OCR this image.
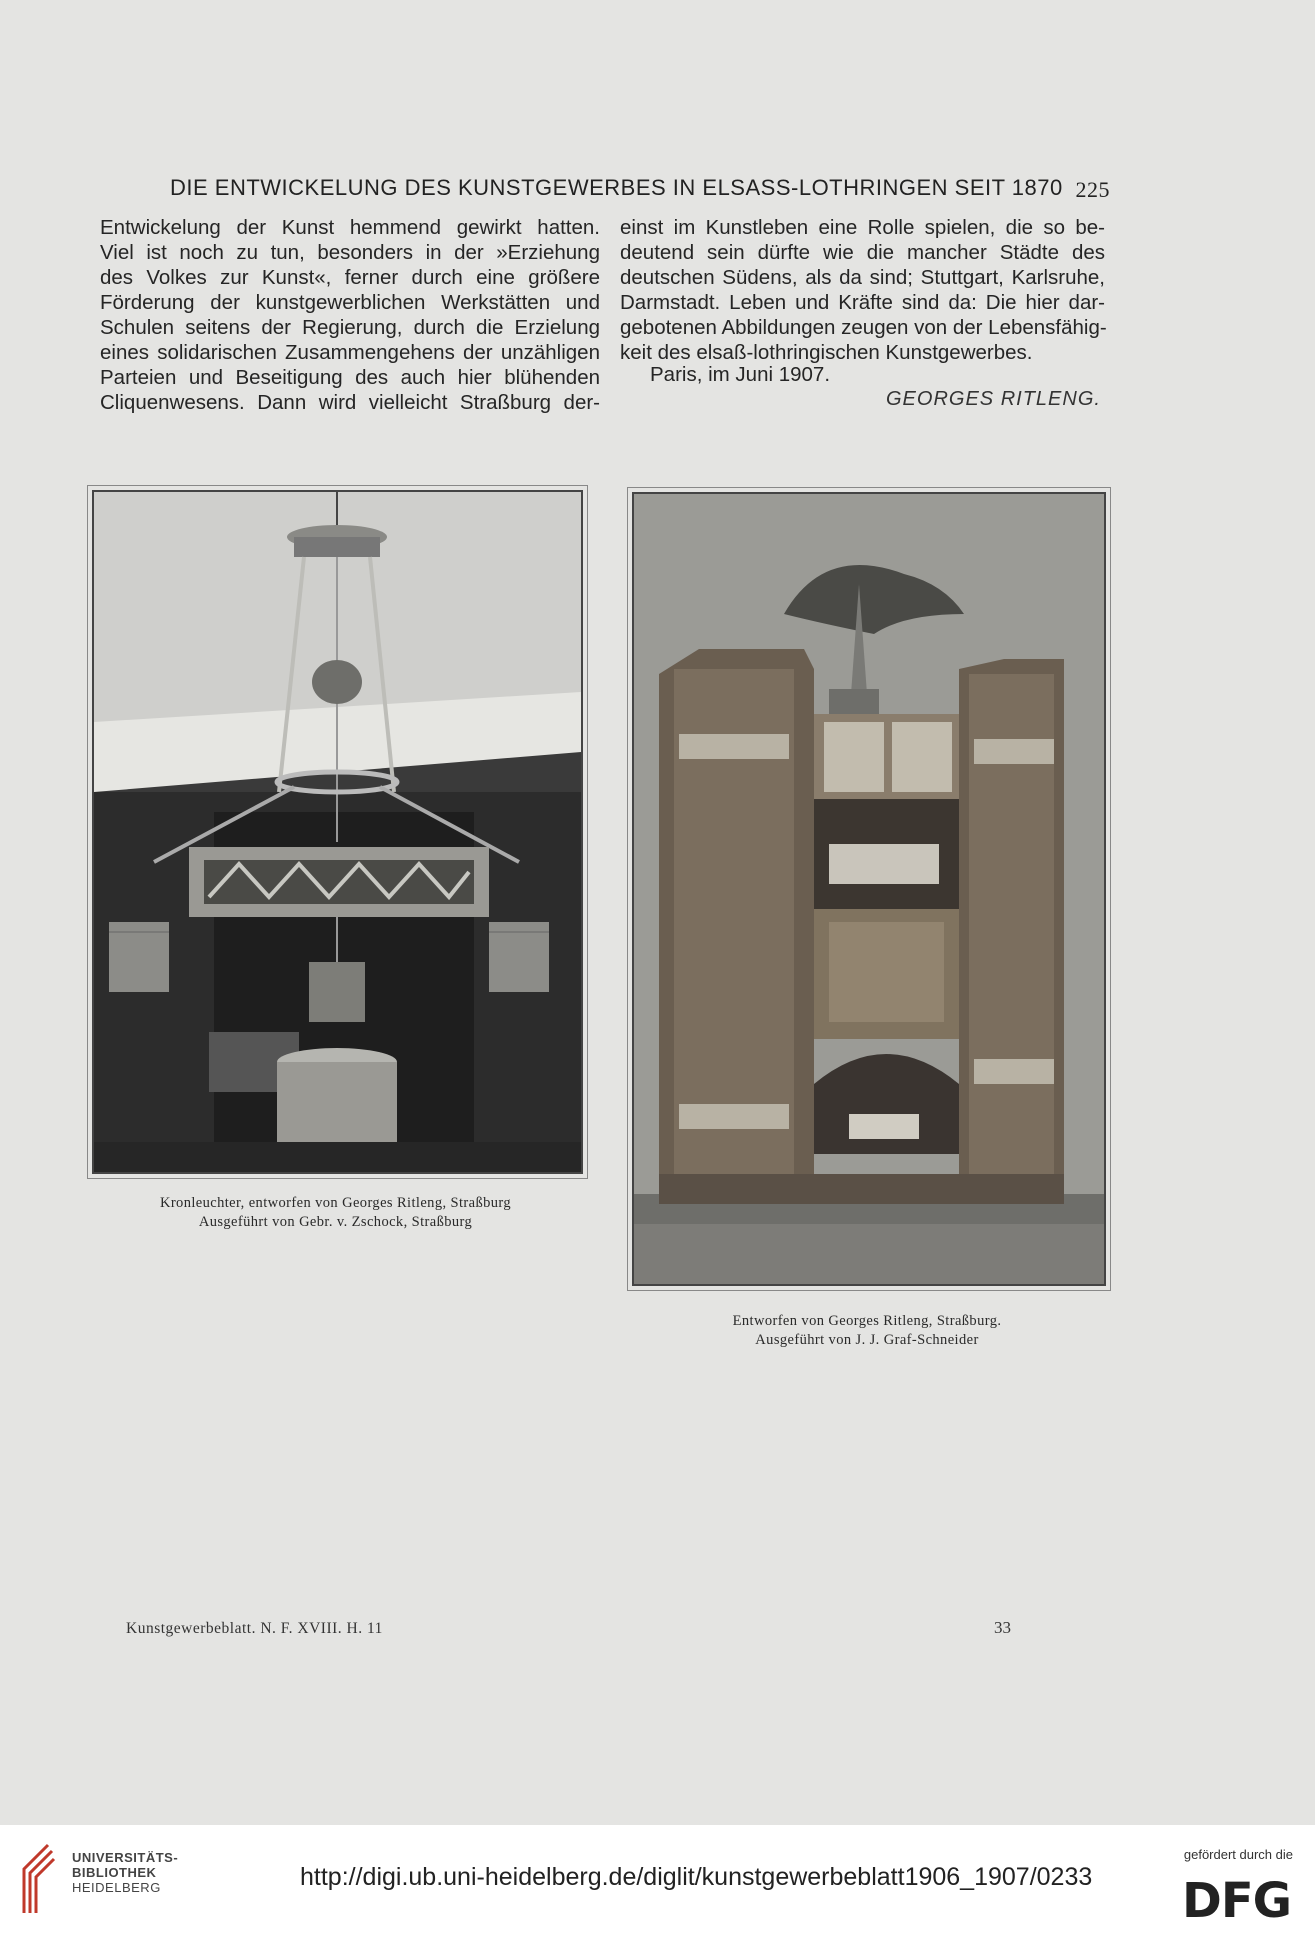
DIE ENTWICKELUNG DES KUNSTGEWERBES IN ELSASS-LOTHRINGEN SEIT 1870 225
Entwickelung der Kunst hemmend gewirkt hatten.
Viel ist noch zu tun, besonders in der »Erziehung
des Volkes zur Kunst«, ferner durch eine größere
Förderung der kunstgewerblichen Werkstätten und
Schulen seitens der Regierung, durch die Erzielung
eines solidarischen Zusammengehens der unzähligen
Parteien und Beseitigung des auch hier blühenden
Cliquenwesens. Dann wird vielleicht Straßburg der-
einst im Kunstleben eine Rolle spielen, die so be-
deutend sein dürfte wie die mancher Städte des
deutschen Südens, als da sind; Stuttgart, Karlsruhe,
Darmstadt. Leben und Kräfte sind da: Die hier dar-
gebotenen Abbildungen zeugen von der Lebensfähig-
keit des elsaß-lothringischen Kunstgewerbes.
Paris, im Juni 1907.
GEORGES RITLENG.
Kronleuchter, entworfen von Georges Ritleng, Straßburg
Ausgeführt von Gebr. v. Zschock, Straßburg
Entworfen von Georges Ritleng, Straßburg.
Ausgeführt von J. J. Graf-Schneider
Kunstgewerbeblatt. N. F. XVIII. H. 11	33
UNIVERSITÄTS-
BIBLIOTHEK
HEIDELBERG	http://digi.ub.uni-heidelberg.de/diglit/kunstgewerbeblatt1906_1907/0233
gefördert durch die
DFG
